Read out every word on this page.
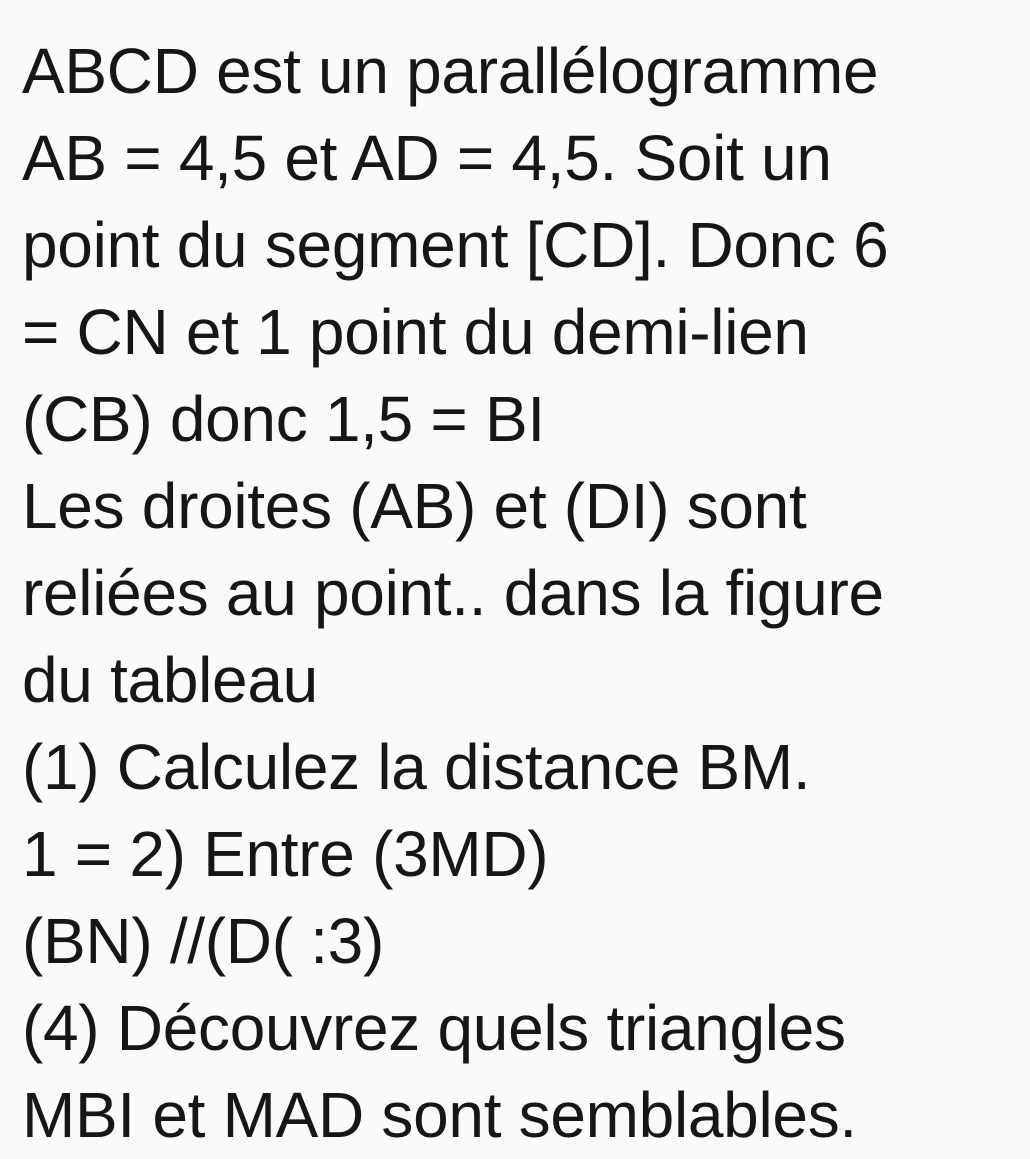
ABCD est un parallélogramme
AB = 4,5 et AD = 4,5. Soit un
point du segment [CD]. Donc 6
= CN et 1 point du demi-lien
(CB) donc 1,5 = BI
Les droites (AB) et (DI) sont
reliées au point.. dans la figure
du tableau
(1) Calculez la distance BM.
1 = 2) Entre (3MD)
(BN) //(D( :3)
(4) Découvrez quels triangles
MBI et MAD sont semblables.
